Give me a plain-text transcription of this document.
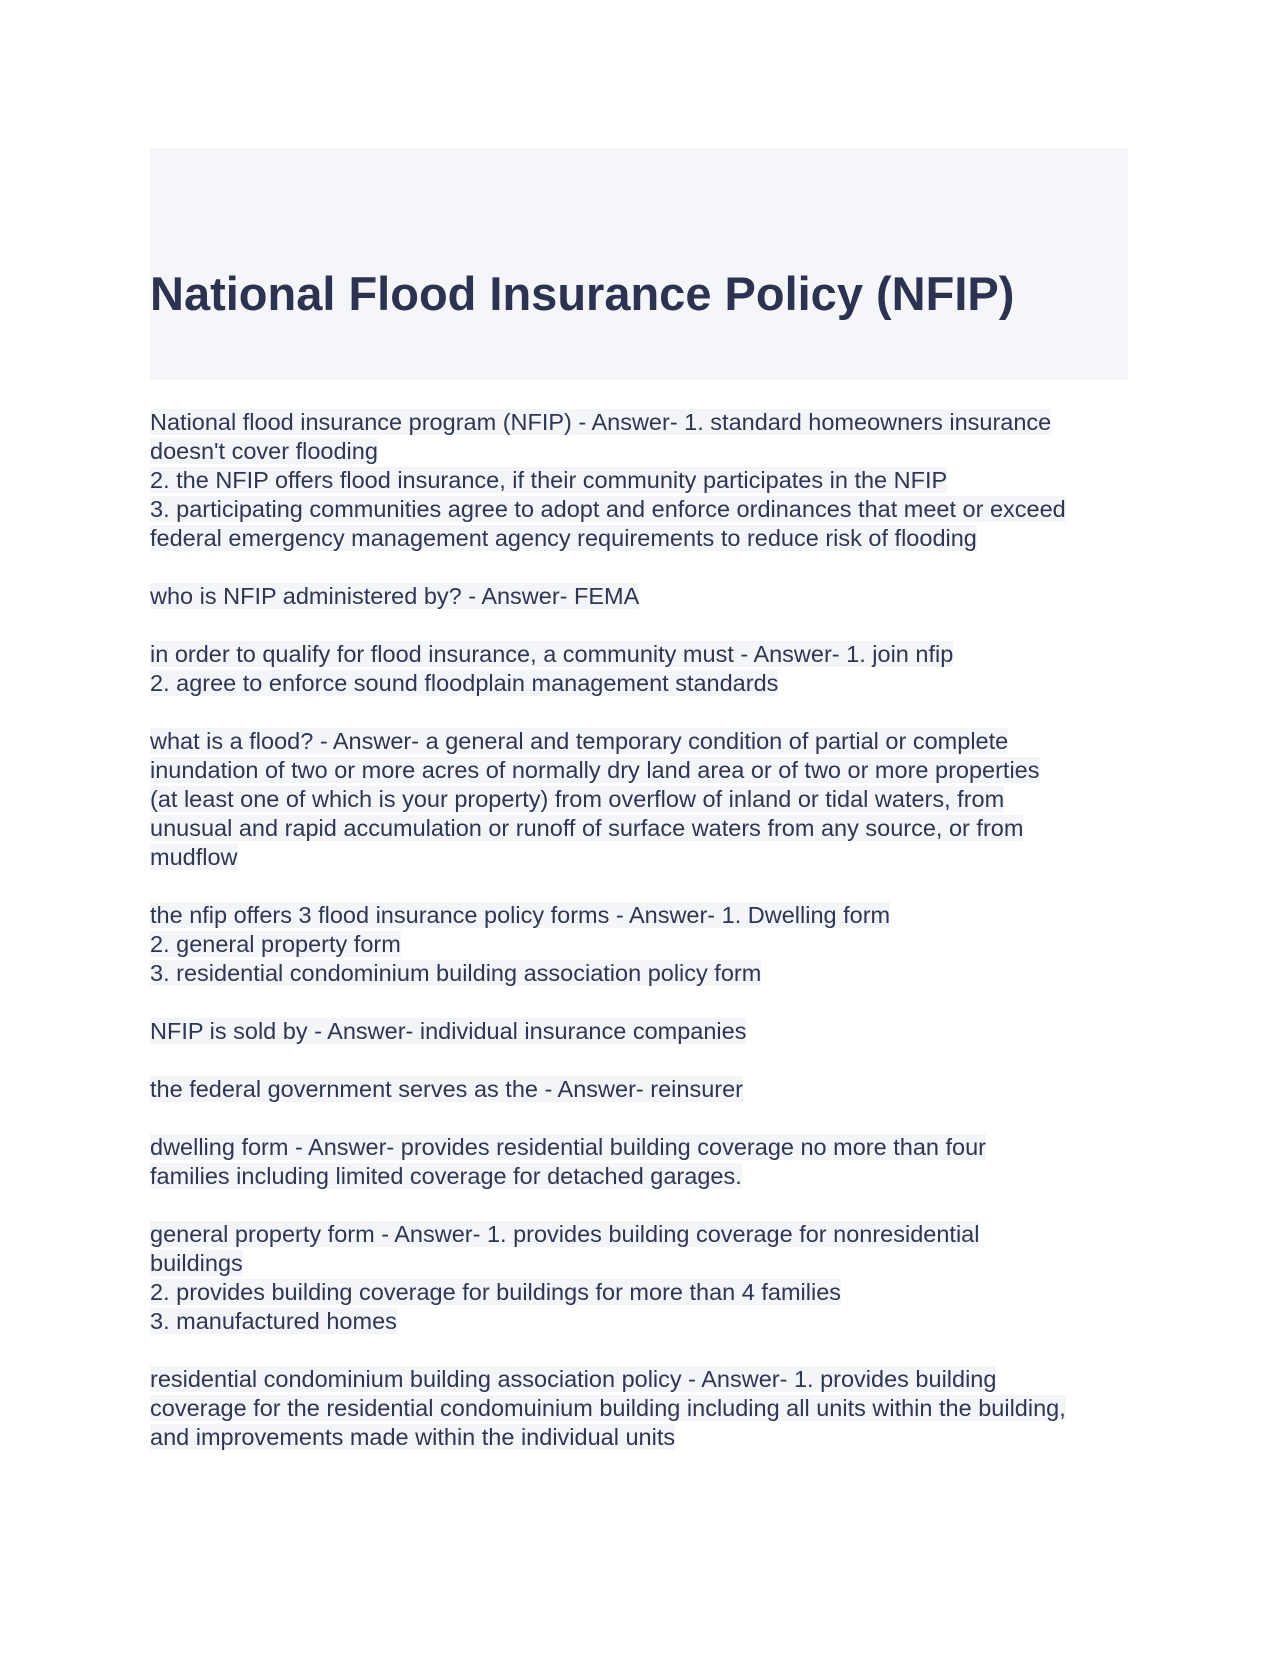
National Flood Insurance Policy (NFIP)
National flood insurance program (NFIP) - Answer- 1. standard homeowners insurance
doesn't cover flooding
2. the NFIP offers flood insurance, if their community participates in the NFIP
3. participating communities agree to adopt and enforce ordinances that meet or exceed
federal emergency management agency requirements to reduce risk of flooding
who is NFIP administered by? - Answer- FEMA
in order to qualify for flood insurance, a community must - Answer- 1. join nfip
2. agree to enforce sound floodplain management standards
what is a flood? - Answer- a general and temporary condition of partial or complete
inundation of two or more acres of normally dry land area or of two or more properties
(at least one of which is your property) from overflow of inland or tidal waters, from
unusual and rapid accumulation or runoff of surface waters from any source, or from
mudflow
the nfip offers 3 flood insurance policy forms - Answer- 1. Dwelling form
2. general property form
3. residential condominium building association policy form
NFIP is sold by - Answer- individual insurance companies
the federal government serves as the - Answer- reinsurer
dwelling form - Answer- provides residential building coverage no more than four
families including limited coverage for detached garages.
general property form - Answer- 1. provides building coverage for nonresidential
buildings
2. provides building coverage for buildings for more than 4 families
3. manufactured homes
residential condominium building association policy - Answer- 1. provides building
coverage for the residential condomuinium building including all units within the building,
and improvements made within the individual units
